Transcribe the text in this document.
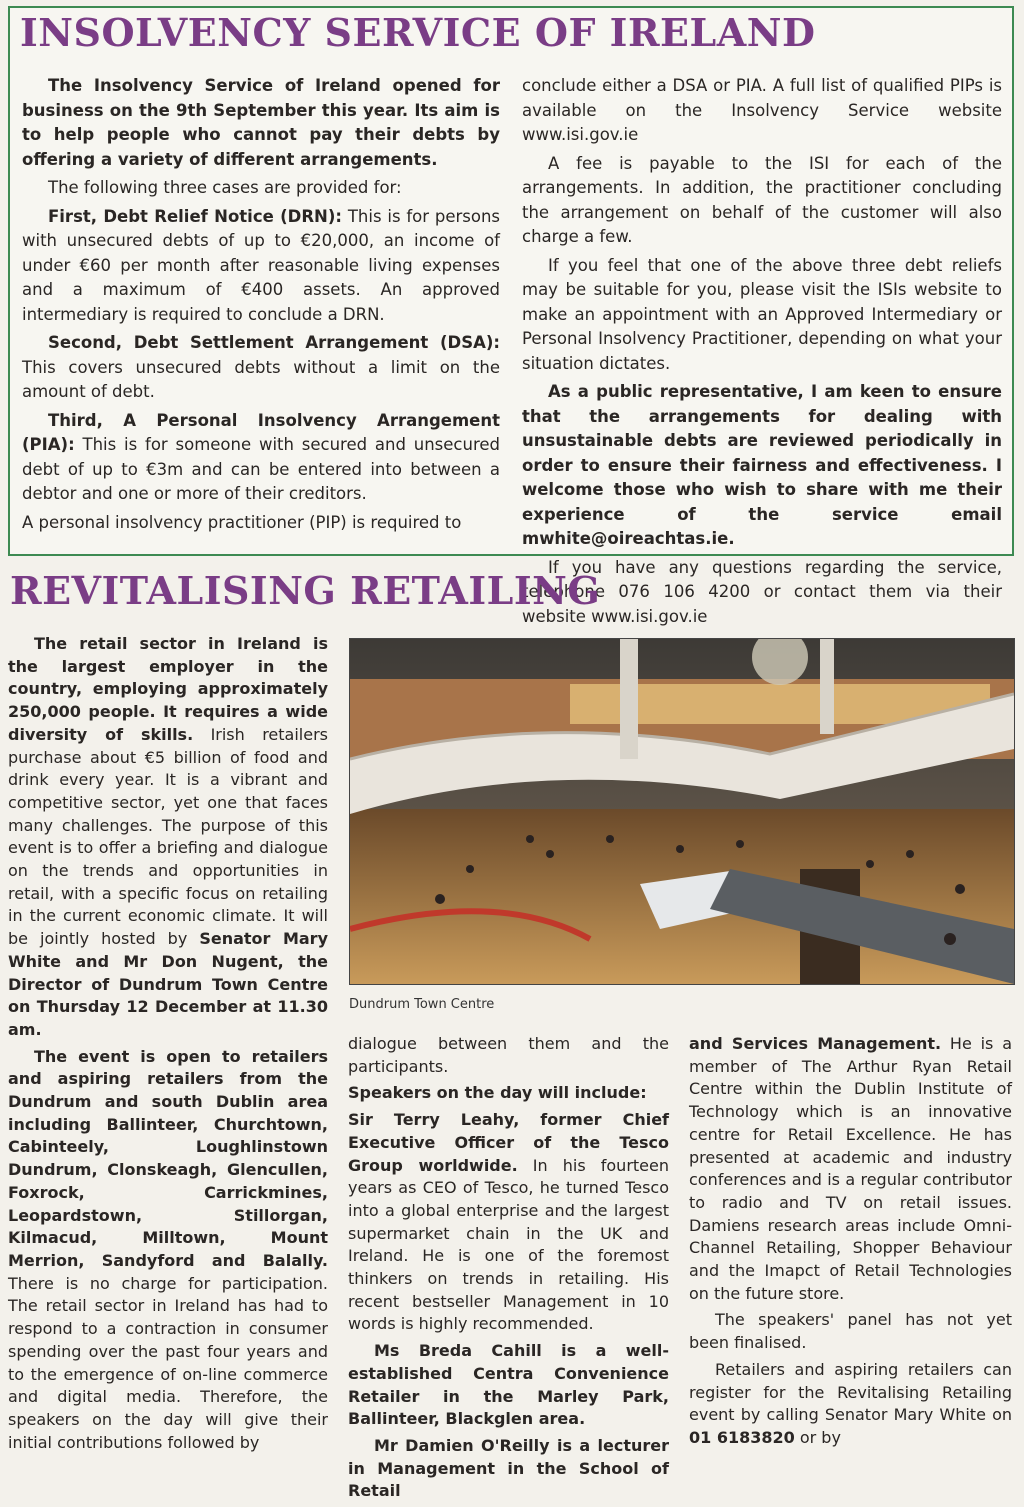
INSOLVENCY SERVICE OF IRELAND

The Insolvency Service of Ireland opened for business on the 9th September this year. Its aim is to help people who cannot pay their debts by offering a variety of different arrangements.

The following three cases are provided for:

First, Debt Relief Notice (DRN): This is for persons with unsecured debts of up to €20,000, an income of under €60 per month after reasonable living expenses and a maximum of €400 assets. An approved intermediary is required to conclude a DRN.

Second, Debt Settlement Arrangement (DSA): This covers unsecured debts without a limit on the amount of debt.

Third, A Personal Insolvency Arrangement (PIA): This is for someone with secured and unsecured debt of up to €3m and can be entered into between a debtor and one or more of their creditors.

A personal insolvency practitioner (PIP) is required to

conclude either a DSA or PIA. A full list of qualified PIPs is available on the Insolvency Service website www.isi.gov.ie

A fee is payable to the ISI for each of the arrangements. In addition, the practitioner concluding the arrangement on behalf of the customer will also charge a few.

If you feel that one of the above three debt reliefs may be suitable for you, please visit the ISIs website to make an appointment with an Approved Intermediary or Personal Insolvency Practitioner, depending on what your situation dictates.

As a public representative, I am keen to ensure that the arrangements for dealing with unsustainable debts are reviewed periodically in order to ensure their fairness and effectiveness. I welcome those who wish to share with me their experience of the service email mwhite@oireachtas.ie.

If you have any questions regarding the service, telephone 076 106 4200 or contact them via their website www.isi.gov.ie

REVITALISING RETAILING

The retail sector in Ireland is the largest employer in the country, employing approximately 250,000 people. It requires a wide diversity of skills. Irish retailers purchase about €5 billion of food and drink every year. It is a vibrant and competitive sector, yet one that faces many challenges. The purpose of this event is to offer a briefing and dialogue on the trends and opportunities in retail, with a specific focus on retailing in the current economic climate. It will be jointly hosted by Senator Mary White and Mr Don Nugent, the Director of Dundrum Town Centre on Thursday 12 December at 11.30 am.

The event is open to retailers and aspiring retailers from the Dundrum and south Dublin area including Ballinteer, Churchtown, Cabinteely, Loughlinstown Dundrum, Clonskeagh, Glencullen, Foxrock, Carrickmines, Leopardstown, Stillorgan, Kilmacud, Milltown, Mount Merrion, Sandyford and Balally. There is no charge for participation. The retail sector in Ireland has had to respond to a contraction in consumer spending over the past four years and to the emergence of on-line commerce and digital media. Therefore, the speakers on the day will give their initial contributions followed by

Dundrum Town Centre

dialogue between them and the participants.

Speakers on the day will include:

Sir Terry Leahy, former Chief Executive Officer of the Tesco Group worldwide. In his fourteen years as CEO of Tesco, he turned Tesco into a global enterprise and the largest supermarket chain in the UK and Ireland. He is one of the foremost thinkers on trends in retailing. His recent bestseller Management in 10 words is highly recommended.

Ms Breda Cahill is a well-established Centra Convenience Retailer in the Marley Park, Ballinteer, Blackglen area.

Mr Damien O'Reilly is a lecturer in Management in the School of Retail

and Services Management. He is a member of The Arthur Ryan Retail Centre within the Dublin Institute of Technology which is an innovative centre for Retail Excellence. He has presented at academic and industry conferences and is a regular contributor to radio and TV on retail issues. Damiens research areas include Omni-Channel Retailing, Shopper Behaviour and the Imapct of Retail Technologies on the future store.

The speakers' panel has not yet been finalised.

Retailers and aspiring retailers can register for the Revitalising Retailing event by calling Senator Mary White on 01 6183820 or by
